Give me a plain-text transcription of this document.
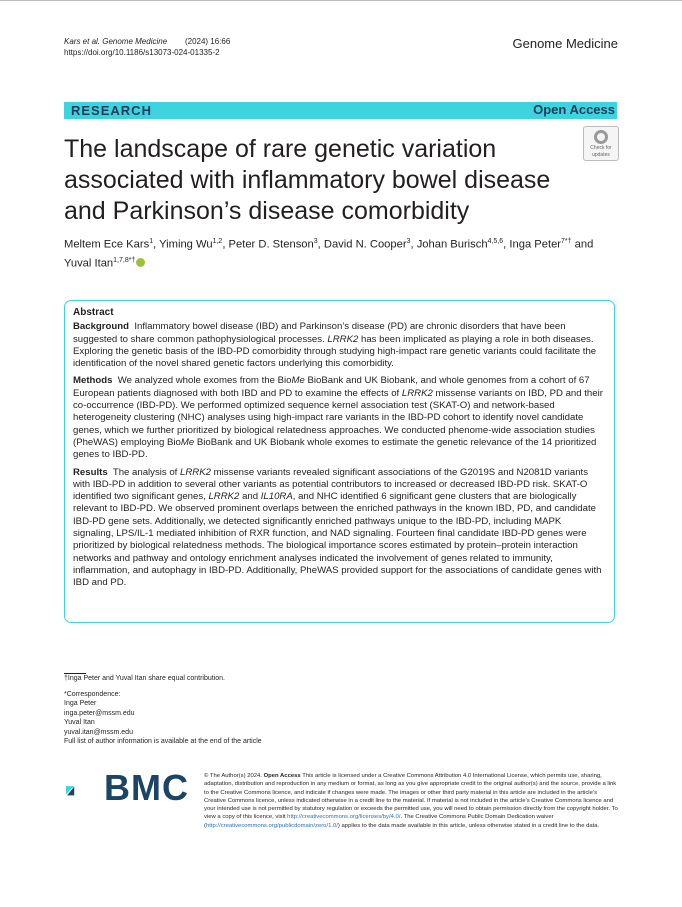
Kars et al. Genome Medicine (2024) 16:66
https://doi.org/10.1186/s13073-024-01335-2
Genome Medicine
RESEARCH	Open Access
The landscape of rare genetic variation associated with inflammatory bowel disease and Parkinson’s disease comorbidity
Check for
updates
Meltem Ece Kars$^1$, Yiming Wu$^{1,2}$, Peter D. Stenson$^3$, David N. Cooper$^3$, Johan Burisch$^{4,5,6}$, Inga Peter$^{7*\dagger}$ and Yuval Itan$^{1,7,8*\dagger}$
Abstract

Background Inflammatory bowel disease (IBD) and Parkinson’s disease (PD) are chronic disorders that have been suggested to share common pathophysiological processes. LRRK2 has been implicated as playing a role in both diseases. Exploring the genetic basis of the IBD-PD comorbidity through studying high-impact rare genetic variants could facilitate the identification of the novel shared genetic factors underlying this comorbidity.

Methods We analyzed whole exomes from the BioMe BioBank and UK Biobank, and whole genomes from a cohort of 67 European patients diagnosed with both IBD and PD to examine the effects of LRRK2 missense variants on IBD, PD and their co-occurrence (IBD-PD). We performed optimized sequence kernel association test (SKAT-O) and network-based heterogeneity clustering (NHC) analyses using high-impact rare variants in the IBD-PD cohort to identify novel candidate genes, which we further prioritized by biological relatedness approaches. We conducted phenome-wide association studies (PheWAS) employing BioMe BioBank and UK Biobank whole exomes to estimate the genetic relevance of the 14 prioritized genes to IBD-PD.

Results The analysis of LRRK2 missense variants revealed significant associations of the G2019S and N2081D variants with IBD-PD in addition to several other variants as potential contributors to increased or decreased IBD-PD risk. SKAT-O identified two significant genes, LRRK2 and IL10RA, and NHC identified 6 significant gene clusters that are biologically relevant to IBD-PD. We observed prominent overlaps between the enriched pathways in the known IBD, PD, and candidate IBD-PD gene sets. Additionally, we detected significantly enriched pathways unique to the IBD-PD, including MAPK signaling, LPS/IL-1 mediated inhibition of RXR function, and NAD signaling. Fourteen final candidate IBD-PD genes were prioritized by biological relatedness methods. The biological importance scores estimated by protein–protein interaction networks and pathway and ontology enrichment analyses indicated the involvement of genes related to immunity, inflammation, and autophagy in IBD-PD. Additionally, PheWAS provided support for the associations of candidate genes with IBD and PD.

†Inga Peter and Yuval Itan share equal contribution.
*Correspondence:
Inga Peter
inga.peter@mssm.edu
Yuval Itan
yuval.itan@mssm.edu
Full list of author information is available at the end of the article
BMC	© The Author(s) 2024. Open Access This article is licensed under a Creative Commons Attribution 4.0 International License, which permits use, sharing, adaptation, distribution and reproduction in any medium or format, as long as you give appropriate credit to the original author(s) and the source, provide a link to the Creative Commons licence, and indicate if changes were made. The images or other third party material in this article are included in the article’s Creative Commons licence, unless indicated otherwise in a credit line to the material. If material is not included in the article’s Creative Commons licence and your intended use is not permitted by statutory regulation or exceeds the permitted use, you will need to obtain permission directly from the copyright holder. To view a copy of this licence, visit http://creativecommons.org/licenses/by/4.0/. The Creative Commons Public Domain Dedication waiver (http://creativecommons.org/publicdomain/zero/1.0/) applies to the data made available in this article, unless otherwise stated in a credit line to the data.
